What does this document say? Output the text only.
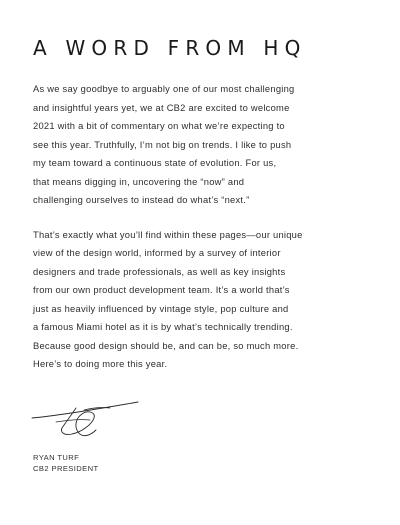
A WORD FROM HQ

As we say goodbye to arguably one of our most challenging
and insightful years yet, we at CB2 are excited to welcome
2021 with a bit of commentary on what we’re expecting to
see this year. Truthfully, I’m not big on trends. I like to push
my team toward a continuous state of evolution. For us,
that means digging in, uncovering the “now” and
challenging ourselves to instead do what’s “next.”

That’s exactly what you’ll find within these pages—our unique
view of the design world, informed by a survey of interior
designers and trade professionals, as well as key insights
from our own product development team. It’s a world that’s
just as heavily influenced by vintage style, pop culture and
a famous Miami hotel as it is by what’s technically trending.
Because good design should be, and can be, so much more.
Here’s to doing more this year.

RYAN TURF
CB2 PRESIDENT
